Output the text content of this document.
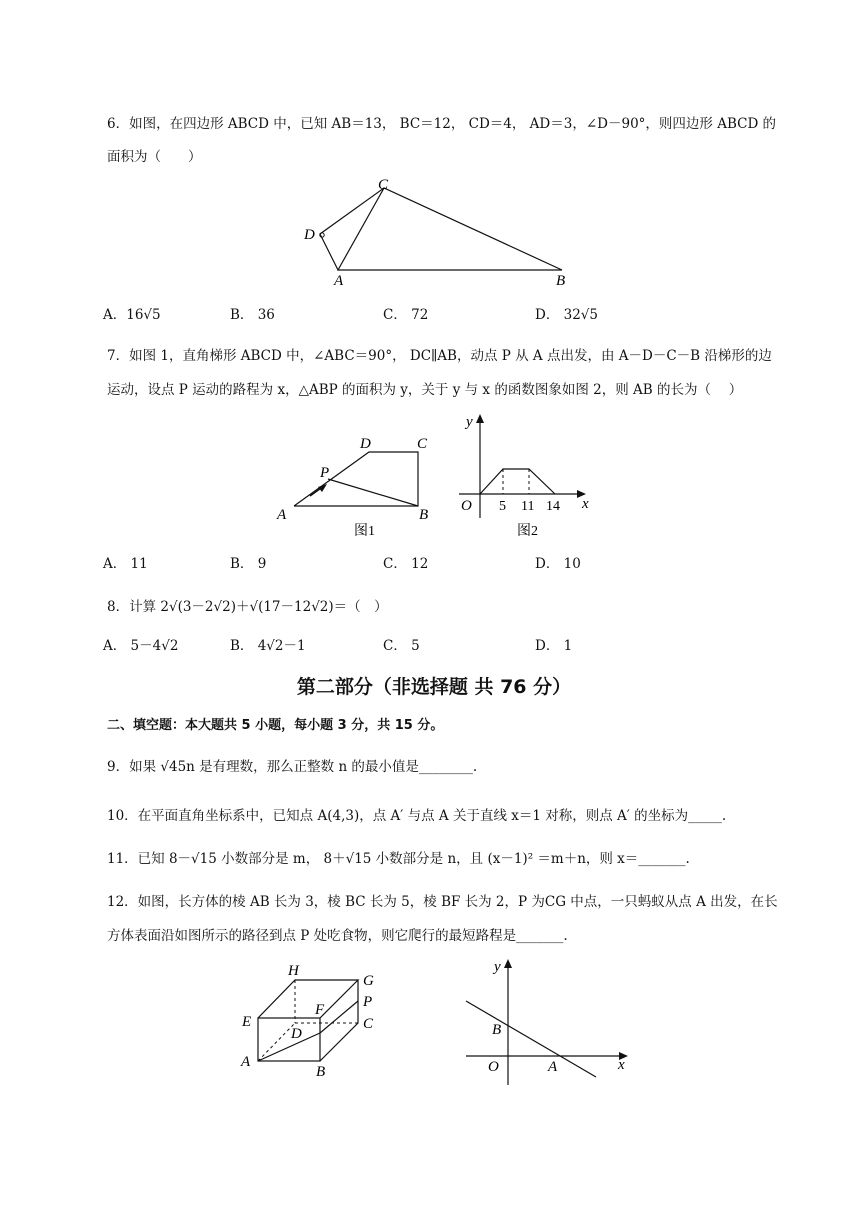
6．如图，在四边形 ABCD 中，已知 AB＝13， BC＝12， CD＝4， AD＝3，∠D－90°，则四边形 ABCD 的
面积为（　　）
C
D
A	B
A．16√5	B． 36	C． 72	D． 32√5
7．如图 1，直角梯形 ABCD 中，∠ABC＝90°， DC∥AB，动点 P 从 A 点出发，由 A－D－C－B 沿梯形的边
运动，设点 P 运动的路程为 x，△ABP 的面积为 y，关于 y 与 x 的函数图象如图 2，则 AB 的长为（　 ）
D	C
P
A	B
图1
y
O 5 11 14 x
图2
A． 11	B． 9	C． 12	D． 10
8．计算 2√(3－2√2)＋√(17－12√2)＝（　）
A． 5－4√2	B． 4√2－1	C． 5	D． 1
第二部分（非选择题 共 76 分）
二、填空题：本大题共 5 小题，每小题 3 分，共 15 分。
9．如果 √45n 是有理数，那么正整数 n 的最小值是________.
10．在平面直角坐标系中，已知点 A(4,3)，点 A′ 与点 A 关于直线 x＝1 对称，则点 A′ 的坐标为_____.
11．已知 8－√15 小数部分是 m， 8＋√15 小数部分是 n，且 (x－1)² ＝m＋n，则 x＝_______.
12．如图，长方体的棱 AB 长为 3，棱 BC 长为 5，棱 BF 长为 2，P 为CG 中点，一只蚂蚁从点 A 出发，在长
方体表面沿如图所示的路径到点 P 处吃食物，则它爬行的最短路程是_______.
H
G
P
F
E	C
D
A
B
y
B
O	A	x
